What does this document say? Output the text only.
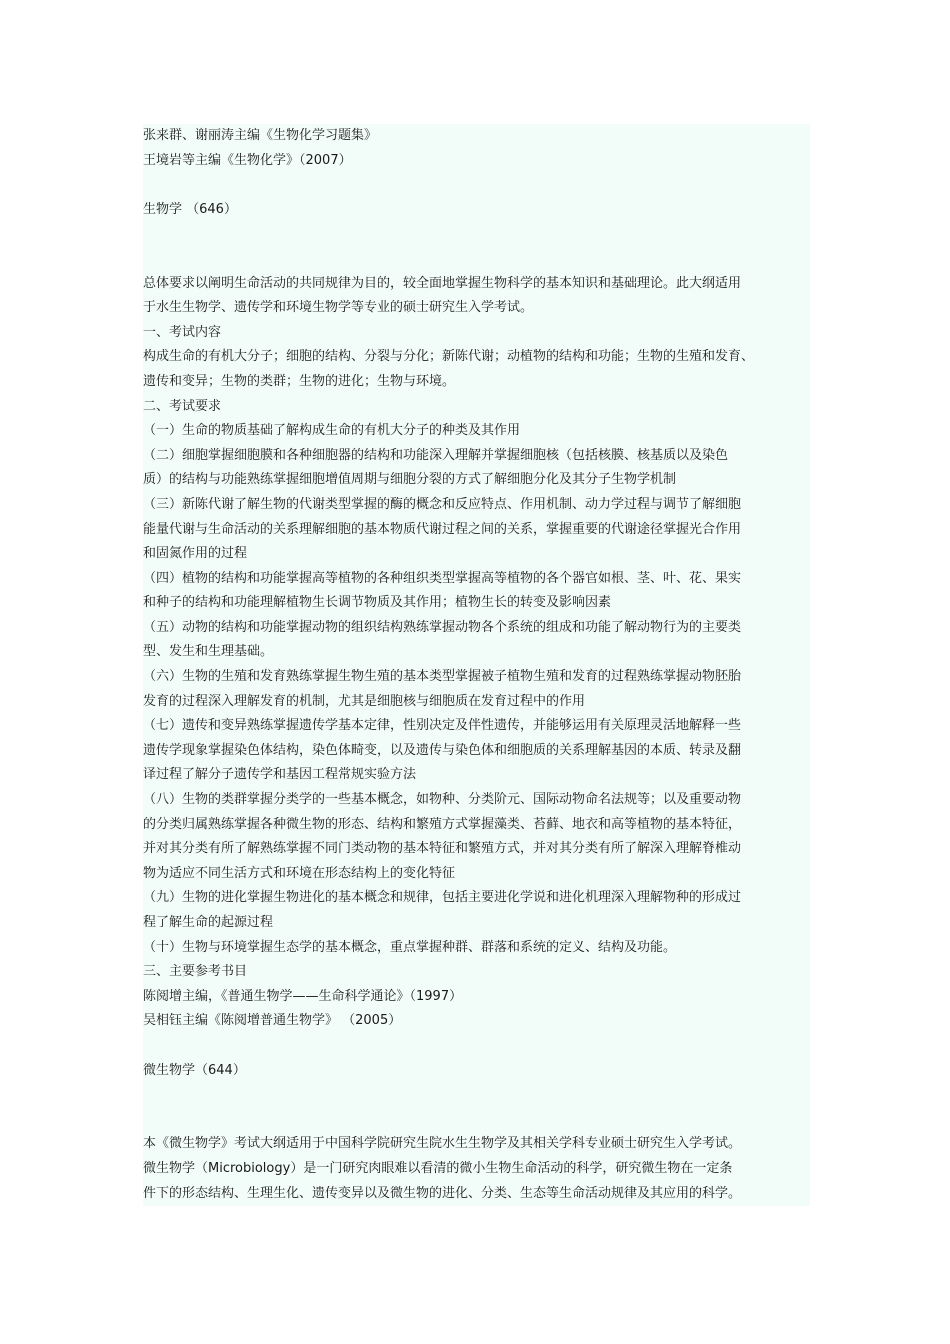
张来群、谢丽涛主编《生物化学习题集》
王境岩等主编《生物化学》（2007）
生物学 （646）
总体要求以阐明生命活动的共同规律为目的，较全面地掌握生物科学的基本知识和基础理论。此大纲适用
于水生生物学、遗传学和环境生物学等专业的硕士研究生入学考试。
一、考试内容
构成生命的有机大分子；细胞的结构、分裂与分化；新陈代谢；动植物的结构和功能；生物的生殖和发育、
遗传和变异；生物的类群；生物的进化；生物与环境。
二、考试要求
（一）生命的物质基础了解构成生命的有机大分子的种类及其作用
（二）细胞掌握细胞膜和各种细胞器的结构和功能深入理解并掌握细胞核（包括核膜、核基质以及染色
质）的结构与功能熟练掌握细胞增值周期与细胞分裂的方式了解细胞分化及其分子生物学机制
（三）新陈代谢了解生物的代谢类型掌握的酶的概念和反应特点、作用机制、动力学过程与调节了解细胞
能量代谢与生命活动的关系理解细胞的基本物质代谢过程之间的关系，掌握重要的代谢途径掌握光合作用
和固氮作用的过程
（四）植物的结构和功能掌握高等植物的各种组织类型掌握高等植物的各个器官如根、茎、叶、花、果实
和种子的结构和功能理解植物生长调节物质及其作用；植物生长的转变及影响因素
（五）动物的结构和功能掌握动物的组织结构熟练掌握动物各个系统的组成和功能了解动物行为的主要类
型、发生和生理基础。
（六）生物的生殖和发育熟练掌握生物生殖的基本类型掌握被子植物生殖和发育的过程熟练掌握动物胚胎
发育的过程深入理解发育的机制，尤其是细胞核与细胞质在发育过程中的作用
（七）遗传和变异熟练掌握遗传学基本定律，性别决定及伴性遗传，并能够运用有关原理灵活地解释一些
遗传学现象掌握染色体结构，染色体畸变，以及遗传与染色体和细胞质的关系理解基因的本质、转录及翻
译过程了解分子遗传学和基因工程常规实验方法
（八）生物的类群掌握分类学的一些基本概念，如物种、分类阶元、国际动物命名法规等；以及重要动物
的分类归属熟练掌握各种微生物的形态、结构和繁殖方式掌握藻类、苔藓、地衣和高等植物的基本特征，
并对其分类有所了解熟练掌握不同门类动物的基本特征和繁殖方式，并对其分类有所了解深入理解脊椎动
物为适应不同生活方式和环境在形态结构上的变化特征
（九）生物的进化掌握生物进化的基本概念和规律，包括主要进化学说和进化机理深入理解物种的形成过
程了解生命的起源过程
（十）生物与环境掌握生态学的基本概念，重点掌握种群、群落和系统的定义、结构及功能。
三、主要参考书目
陈阅增主编，《普通生物学——生命科学通论》（1997）
吴相钰主编《陈阅增普通生物学》 （2005）
微生物学（644）
本《微生物学》考试大纲适用于中国科学院研究生院水生生物学及其相关学科专业硕士研究生入学考试。
微生物学（Microbiology）是一门研究肉眼难以看清的微小生物生命活动的科学，研究微生物在一定条
件下的形态结构、生理生化、遗传变异以及微生物的进化、分类、生态等生命活动规律及其应用的科学。
